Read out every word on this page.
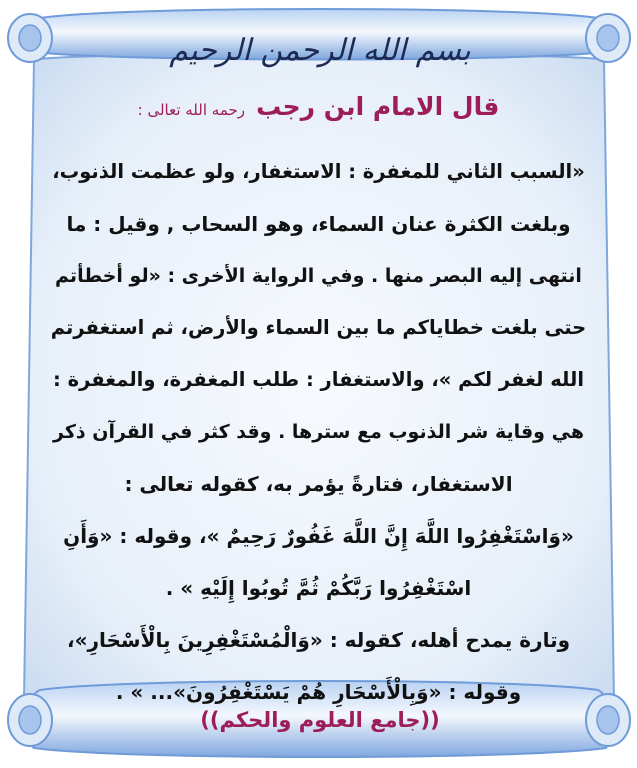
بسم الله الرحمن الرحيم
قال الامام ابن رجب رحمه الله تعالى :
«السبب الثاني للمغفرة : الاستغفار، ولو عظمت الذنوب،
وبلغت الكثرة عنان السماء، وهو السحاب , وقيل : ما
انتهى إليه البصر منها . وفي الرواية الأخرى : «لو أخطأتم
حتى بلغت خطاياكم ما بين السماء والأرض، ثم استغفرتم
الله لغفر لكم »، والاستغفار : طلب المغفرة، والمغفرة :
هي وقاية شر الذنوب مع سترها . وقد كثر في القرآن ذكر
الاستغفار، فتارةً يؤمر به، كقوله تعالى :
«وَاسْتَغْفِرُوا اللَّهَ إِنَّ اللَّهَ غَفُورٌ رَحِيمٌ »، وقوله : «وَأَنِ
اسْتَغْفِرُوا رَبَّكُمْ ثُمَّ تُوبُوا إِلَيْهِ » .
وتارة يمدح أهله، كقوله : «وَالْمُسْتَغْفِرِينَ بِالْأَسْحَارِ»،
وقوله : «وَبِالْأَسْحَارِ هُمْ يَسْتَغْفِرُونَ»... » .
((جامع العلوم والحكم))
